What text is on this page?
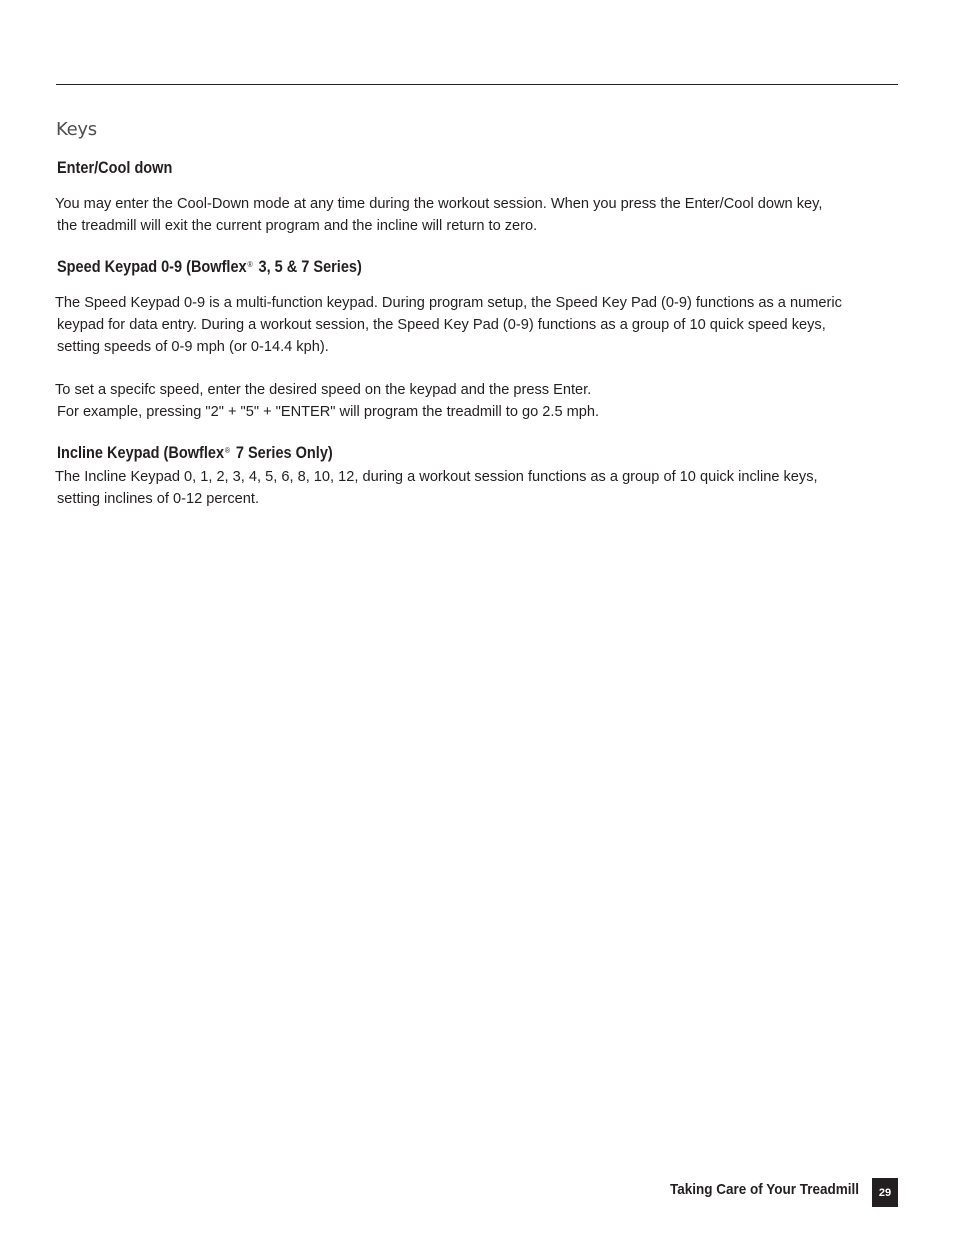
Keys
Enter/Cool down

You may enter the Cool-Down mode at any time during the workout session. When you press the Enter/Cool down key,
the treadmill will exit the current program and the incline will return to zero.

Speed Keypad 0-9 (Bowflex® 3, 5 & 7 Series)

The Speed Keypad 0-9 is a multi-function keypad. During program setup, the Speed Key Pad (0-9) functions as a numeric
keypad for data entry. During a workout session, the Speed Key Pad (0-9) functions as a group of 10 quick speed keys,
setting speeds of 0-9 mph (or 0-14.4 kph).

To set a specifc speed, enter the desired speed on the keypad and the press Enter.
For example, pressing "2" + "5" + "ENTER" will program the treadmill to go 2.5 mph.

Incline Keypad (Bowflex® 7 Series Only)

The Incline Keypad 0, 1, 2, 3, 4, 5, 6, 8, 10, 12, during a workout session functions as a group of 10 quick incline keys,
setting inclines of 0-12 percent.

Taking Care of Your Treadmill	29
